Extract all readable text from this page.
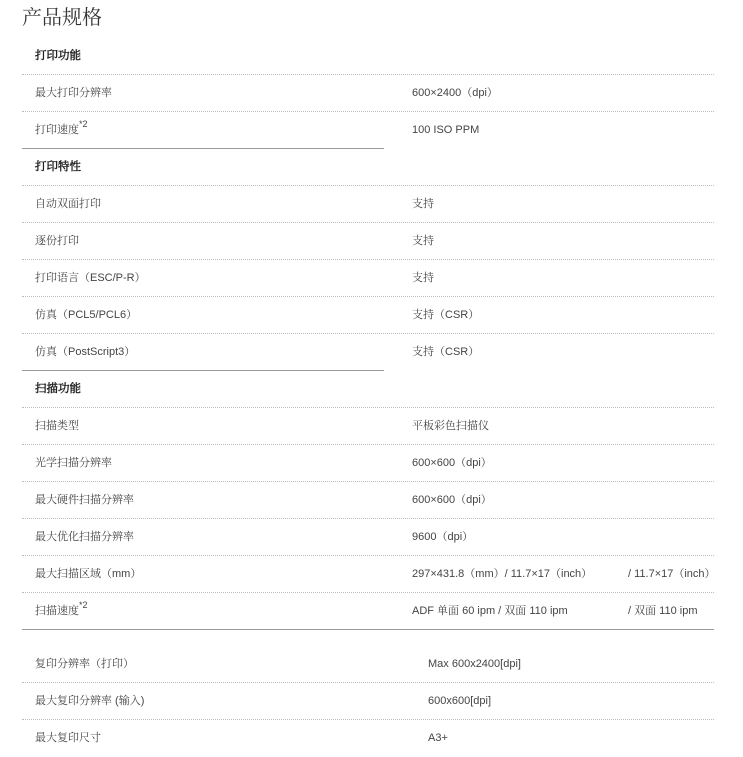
产品规格
打印功能
最大打印分辨率	600×2400（dpi）
打印速度$^{*2}$	100 ISO PPM
打印特性
自动双面打印	支持
逐份打印	支持
打印语言（ESC/P-R）	支持
仿真（PCL5/PCL6）	支持（CSR）
仿真（PostScript3）	支持（CSR）
扫描功能
扫描类型	平板彩色扫描仪
光学扫描分辨率	600×600（dpi）
最大硬件扫描分辨率	600×600（dpi）
最大优化扫描分辨率	9600（dpi）
最大扫描区域（mm）	297×431.8（mm）/ 11.7×17（inch）	/ 11.7×17（inch）
扫描速度$^{*2}$	ADF 单面 60 ipm / 双面 110 ipm	/ 双面 110 ipm
复印分辨率（打印）	Max 600x2400[dpi]
最大复印分辨率 (输入)	600x600[dpi]
最大复印尺寸	A3+
